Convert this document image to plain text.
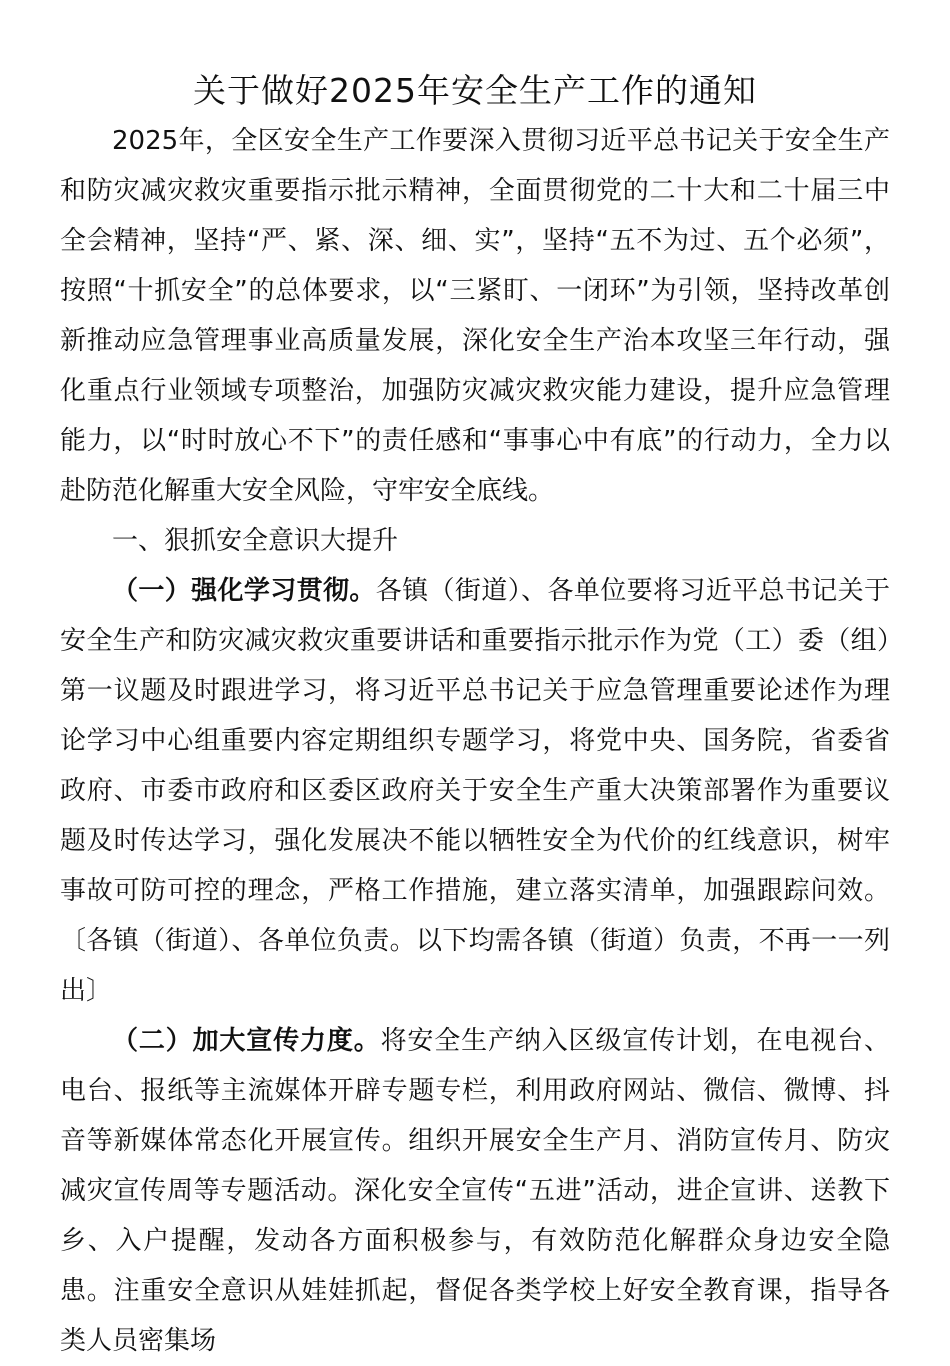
关于做好2025年安全生产工作的通知

2025年，全区安全生产工作要深入贯彻习近平总书记关于安全生产和防灾减灾救灾重要指示批示精神，全面贯彻党的二十大和二十届三中全会精神，坚持“严、紧、深、细、实”，坚持“五不为过、五个必须”，按照“十抓安全”的总体要求，以“三紧盯、一闭环”为引领，坚持改革创新推动应急管理事业高质量发展，深化安全生产治本攻坚三年行动，强化重点行业领域专项整治，加强防灾减灾救灾能力建设，提升应急管理能力，以“时时放心不下”的责任感和“事事心中有底”的行动力，全力以赴防范化解重大安全风险，守牢安全底线。

一、狠抓安全意识大提升

（一）强化学习贯彻。各镇（街道）、各单位要将习近平总书记关于安全生产和防灾减灾救灾重要讲话和重要指示批示作为党（工）委（组）第一议题及时跟进学习，将习近平总书记关于应急管理重要论述作为理论学习中心组重要内容定期组织专题学习，将党中央、国务院，省委省政府、市委市政府和区委区政府关于安全生产重大决策部署作为重要议题及时传达学习，强化发展决不能以牺牲安全为代价的红线意识，树牢事故可防可控的理念，严格工作措施，建立落实清单，加强跟踪问效。〔各镇（街道）、各单位负责。以下均需各镇（街道）负责，不再一一列出〕

（二）加大宣传力度。将安全生产纳入区级宣传计划，在电视台、电台、报纸等主流媒体开辟专题专栏，利用政府网站、微信、微博、抖音等新媒体常态化开展宣传。组织开展安全生产月、消防宣传月、防灾减灾宣传周等专题活动。深化安全宣传“五进”活动，进企宣讲、送教下乡、入户提醒，发动各方面积极参与，有效防范化解群众身边安全隐患。注重安全意识从娃娃抓起，督促各类学校上好安全教育课，指导各类人员密集场
